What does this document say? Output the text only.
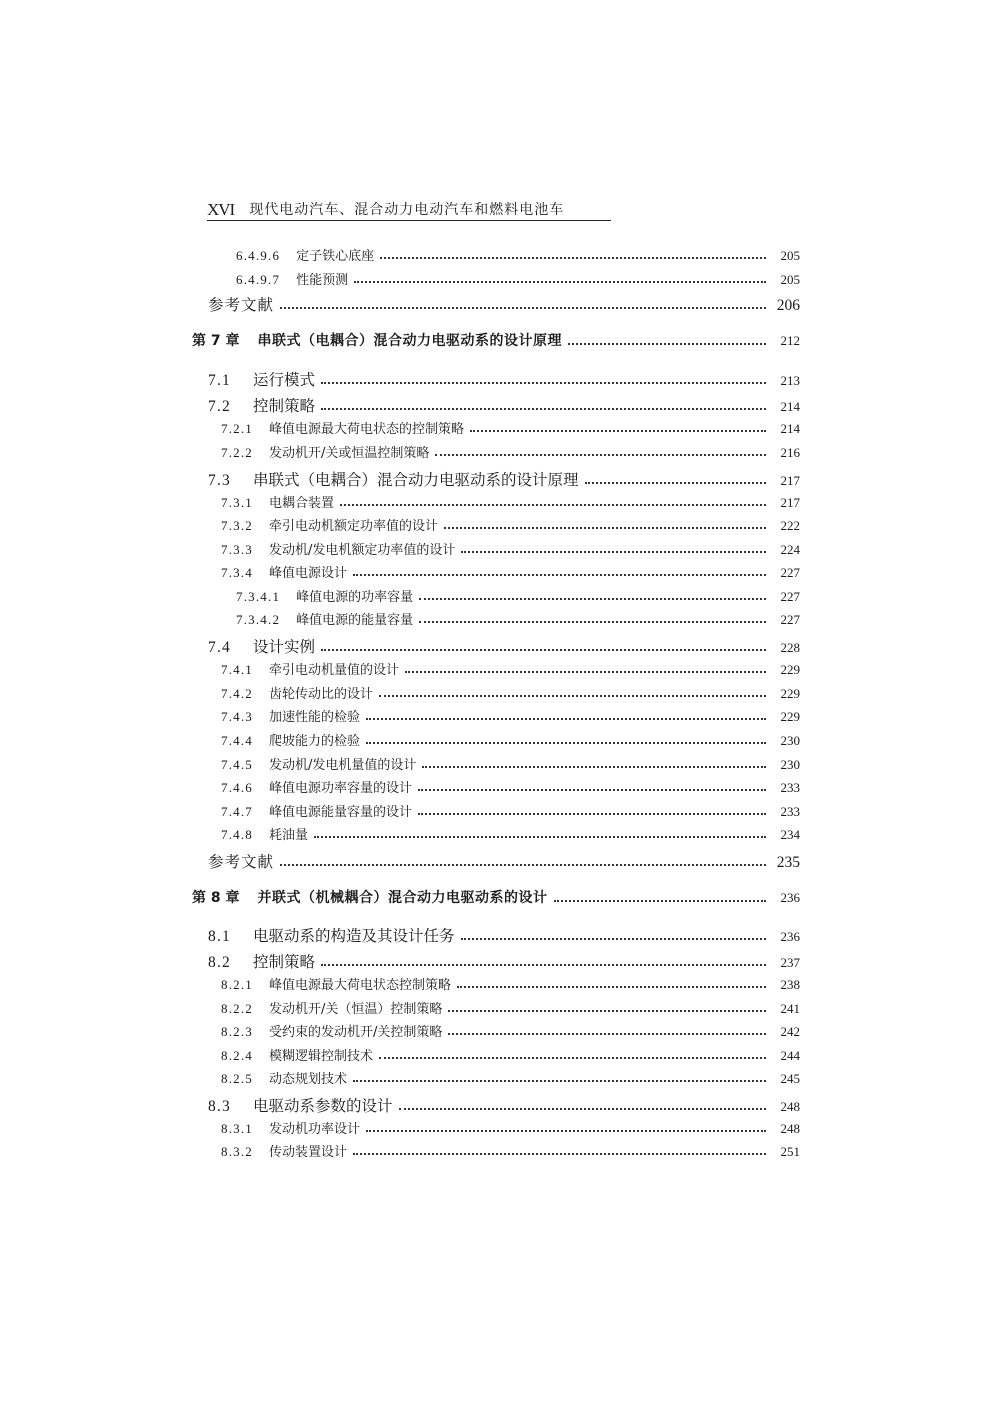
XVI 现代电动汽车、混合动力电动汽车和燃料电池车
6.4.9.6 定子铁心底座	205
6.4.9.7 性能预测	205
参考文献	206
第 7 章 串联式（电耦合）混合动力电驱动系的设计原理	212
7.1 运行模式	213
7.2 控制策略	214
7.2.1 峰值电源最大荷电状态的控制策略	214
7.2.2 发动机开/关或恒温控制策略	216
7.3 串联式（电耦合）混合动力电驱动系的设计原理	217
7.3.1 电耦合装置	217
7.3.2 牵引电动机额定功率值的设计	222
7.3.3 发动机/发电机额定功率值的设计	224
7.3.4 峰值电源设计	227
7.3.4.1 峰值电源的功率容量	227
7.3.4.2 峰值电源的能量容量	227
7.4 设计实例	228
7.4.1 牵引电动机量值的设计	229
7.4.2 齿轮传动比的设计	229
7.4.3 加速性能的检验	229
7.4.4 爬坡能力的检验	230
7.4.5 发动机/发电机量值的设计	230
7.4.6 峰值电源功率容量的设计	233
7.4.7 峰值电源能量容量的设计	233
7.4.8 耗油量	234
参考文献	235
第 8 章 并联式（机械耦合）混合动力电驱动系的设计	236
8.1 电驱动系的构造及其设计任务	236
8.2 控制策略	237
8.2.1 峰值电源最大荷电状态控制策略	238
8.2.2 发动机开/关（恒温）控制策略	241
8.2.3 受约束的发动机开/关控制策略	242
8.2.4 模糊逻辑控制技术	244
8.2.5 动态规划技术	245
8.3 电驱动系参数的设计	248
8.3.1 发动机功率设计	248
8.3.2 传动装置设计	251
